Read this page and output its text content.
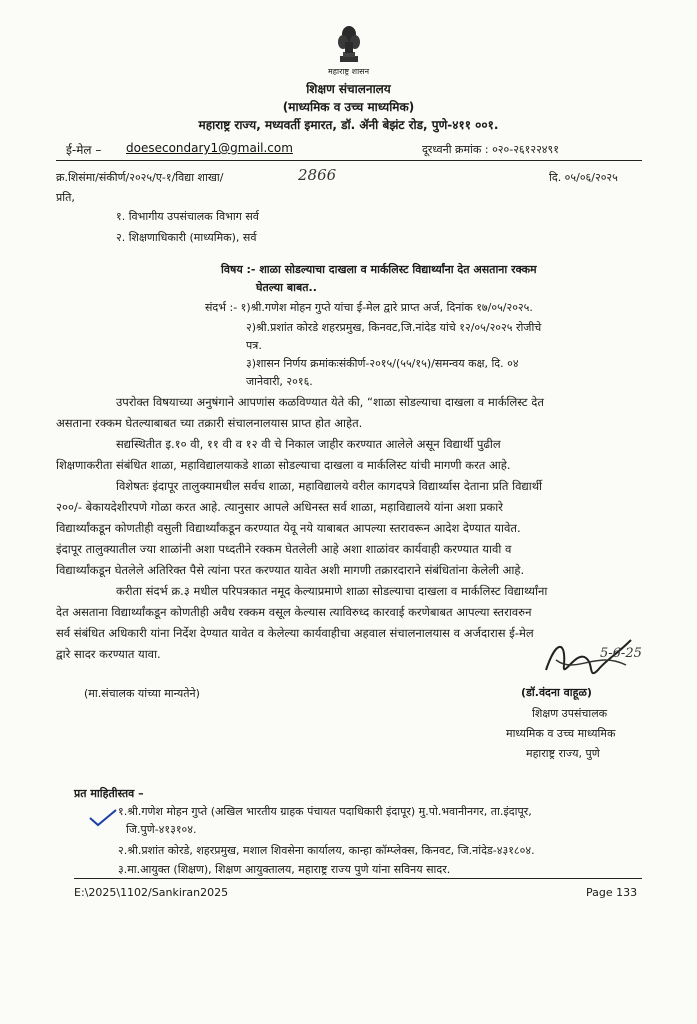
महाराष्ट्र शासन
शिक्षण संचालनालय
(माध्यमिक व उच्च माध्यमिक)
महाराष्ट्र राज्य, मध्यवर्ती इमारत, डॉ. ॲनी बेझंट रोड, पुणे-४११ ००१.
ई-मेल – doesecondary1@gmail.com	दूरध्वनी क्रमांक : ०२०-२६१२२४९१
क्र.शिसंमा/संकीर्ण/२०२५/ए-१/विद्या शाखा/	2866	दि. ०५/०६/२०२५
प्रति,
१. विभागीय उपसंचालक विभाग सर्व
२. शिक्षणाधिकारी (माध्यमिक), सर्व
विषय :- शाळा सोडल्याचा दाखला व मार्कलिस्ट विद्यार्थ्यांना देत असताना रक्कम
घेतल्या बाबत..
संदर्भ :- १)श्री.गणेश मोहन गुप्ते यांचा ई-मेल द्वारे प्राप्त अर्ज, दिनांक १७/०५/२०२५.
२)श्री.प्रशांत कोरडे शहरप्रमुख, किनवट,जि.नांदेड यांचे १२/०५/२०२५ रोजीचे
पत्र.
३)शासन निर्णय क्रमांकःसंकीर्ण-२०१५/(५५/१५)/समन्वय कक्ष, दि. ०४
जानेवारी, २०१६.
उपरोक्त विषयाच्या अनुषंगाने आपणांस कळविण्यात येते की, “शाळा सोडल्याचा दाखला व मार्कलिस्ट देत
असताना रक्कम घेतल्याबाबत च्या तक्रारी संचालनालयास प्राप्त होत आहेत.
सद्यस्थितीत इ.१० वी, ११ वी व १२ वी चे निकाल जाहीर करण्यात आलेले असून विद्यार्थी पुढील
शिक्षणाकरीता संबंधित शाळा, महाविद्यालयाकडे शाळा सोडल्याचा दाखला व मार्कलिस्ट यांची मागणी करत आहे.
विशेषतः इंदापूर तालुक्यामधील सर्वच शाळा, महाविद्यालये वरील कागदपत्रे विद्यार्थ्यास देताना प्रति विद्यार्थी
२००/- बेकायदेशीरपणे गोळा करत आहे. त्यानुसार आपले अधिनस्त सर्व शाळा, महाविद्यालये यांना अशा प्रकारे
विद्यार्थ्यांकडून कोणतीही वसुली विद्यार्थ्यांकडून करण्यात येवू नये याबाबत आपल्या स्तरावरून आदेश देण्यात यावेत.
इंदापूर तालुक्यातील ज्या शाळांनी अशा पध्दतीने रक्कम घेतलेली आहे अशा शाळांवर कार्यवाही करण्यात यावी व
विद्यार्थ्यांकडून घेतलेले अतिरिक्त पैसे त्यांना परत करण्यात यावेत अशी मागणी तक्रारदाराने संबंधितांना केलेली आहे.
करीता संदर्भ क्र.३ मधील परिपत्रकात नमूद केल्याप्रमाणे शाळा सोडल्याचा दाखला व मार्कलिस्ट विद्यार्थ्यांना
देत असताना विद्यार्थ्यांकडून कोणतीही अवैध रक्कम वसूल केल्यास त्याविरुध्द कारवाई करणेबाबत आपल्या स्तरावरुन
सर्व संबंधित अधिकारी यांना निर्देश देण्यात यावेत व केलेल्या कार्यवाहीचा अहवाल संचालनालयास व अर्जदारास ई-मेल
द्वारे सादर करण्यात यावा.	5-6-25
(मा.संचालक यांच्या मान्यतेने)	(डॉ.वंदना वाहूळ)
शिक्षण उपसंचालक
माध्यमिक व उच्च माध्यमिक
महाराष्ट्र राज्य, पुणे
प्रत माहितीस्तव –
१.श्री.गणेश मोहन गुप्ते (अखिल भारतीय ग्राहक पंचायत पदाधिकारी इंदापूर) मु.पो.भवानीनगर, ता.इंदापूर,
जि.पुणे-४१३१०४.
२.श्री.प्रशांत कोरडे, शहरप्रमुख, मशाल शिवसेना कार्यालय, कान्हा कॉम्प्लेक्स, किनवट, जि.नांदेड-४३१८०४.
३.मा.आयुक्त (शिक्षण), शिक्षण आयुक्तालय, महाराष्ट्र राज्य पुणे यांना सविनय सादर.
E:\2025\1102/Sankiran2025	Page 133
